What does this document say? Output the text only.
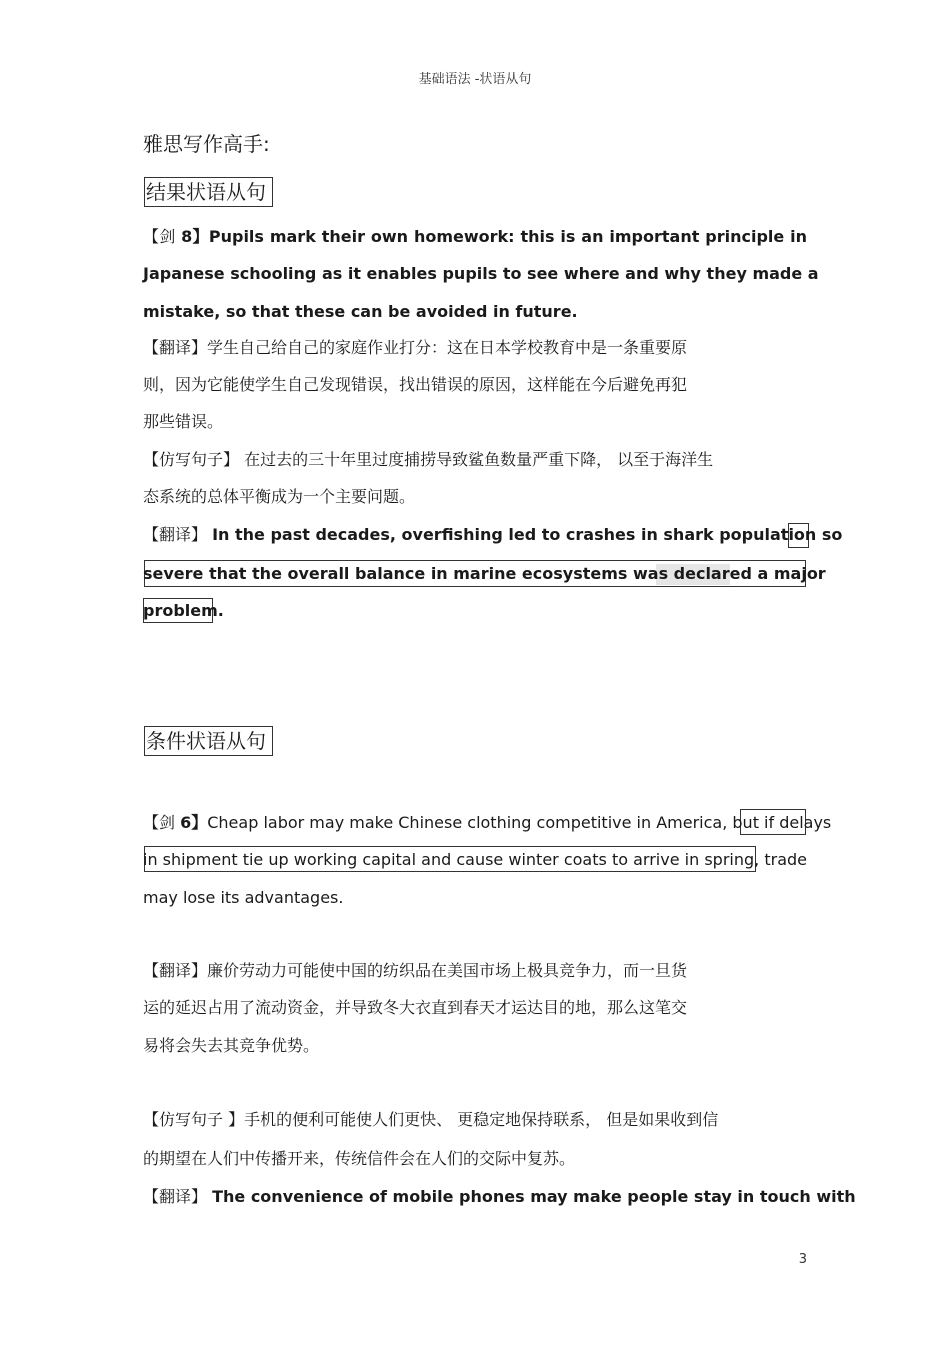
基础语法 -状语从句
雅思写作高手:
结果状语从句
【剑 8】Pupils mark their own homework: this is an important principle in
Japanese schooling as it enables pupils to see where and why they made a
mistake, so that these can be avoided in future.
【翻译】学生自己给自己的家庭作业打分：这在日本学校教育中是一条重要原
则，因为它能使学生自己发现错误，找出错误的原因，这样能在今后避免再犯
那些错误。
【仿写句子】 在过去的三十年里过度捕捞导致鲨鱼数量严重下降， 以至于海洋生
态系统的总体平衡成为一个主要问题。
【翻译】 In the past decades, overfishing led to crashes in shark population so
severe that the overall balance in marine ecosystems was declared a major
problem.
条件状语从句
【剑 6】Cheap labor may make Chinese clothing competitive in America, but if delays
in shipment tie up working capital and cause winter coats to arrive in spring, trade
may lose its advantages.
【翻译】廉价劳动力可能使中国的纺织品在美国市场上极具竞争力，而一旦货
运的延迟占用了流动资金，并导致冬大衣直到春天才运达目的地，那么这笔交
易将会失去其竞争优势。
【仿写句子 】手机的便利可能使人们更快、 更稳定地保持联系， 但是如果收到信
的期望在人们中传播开来，传统信件会在人们的交际中复苏。
【翻译】 The convenience of mobile phones may make people stay in touch with
3
